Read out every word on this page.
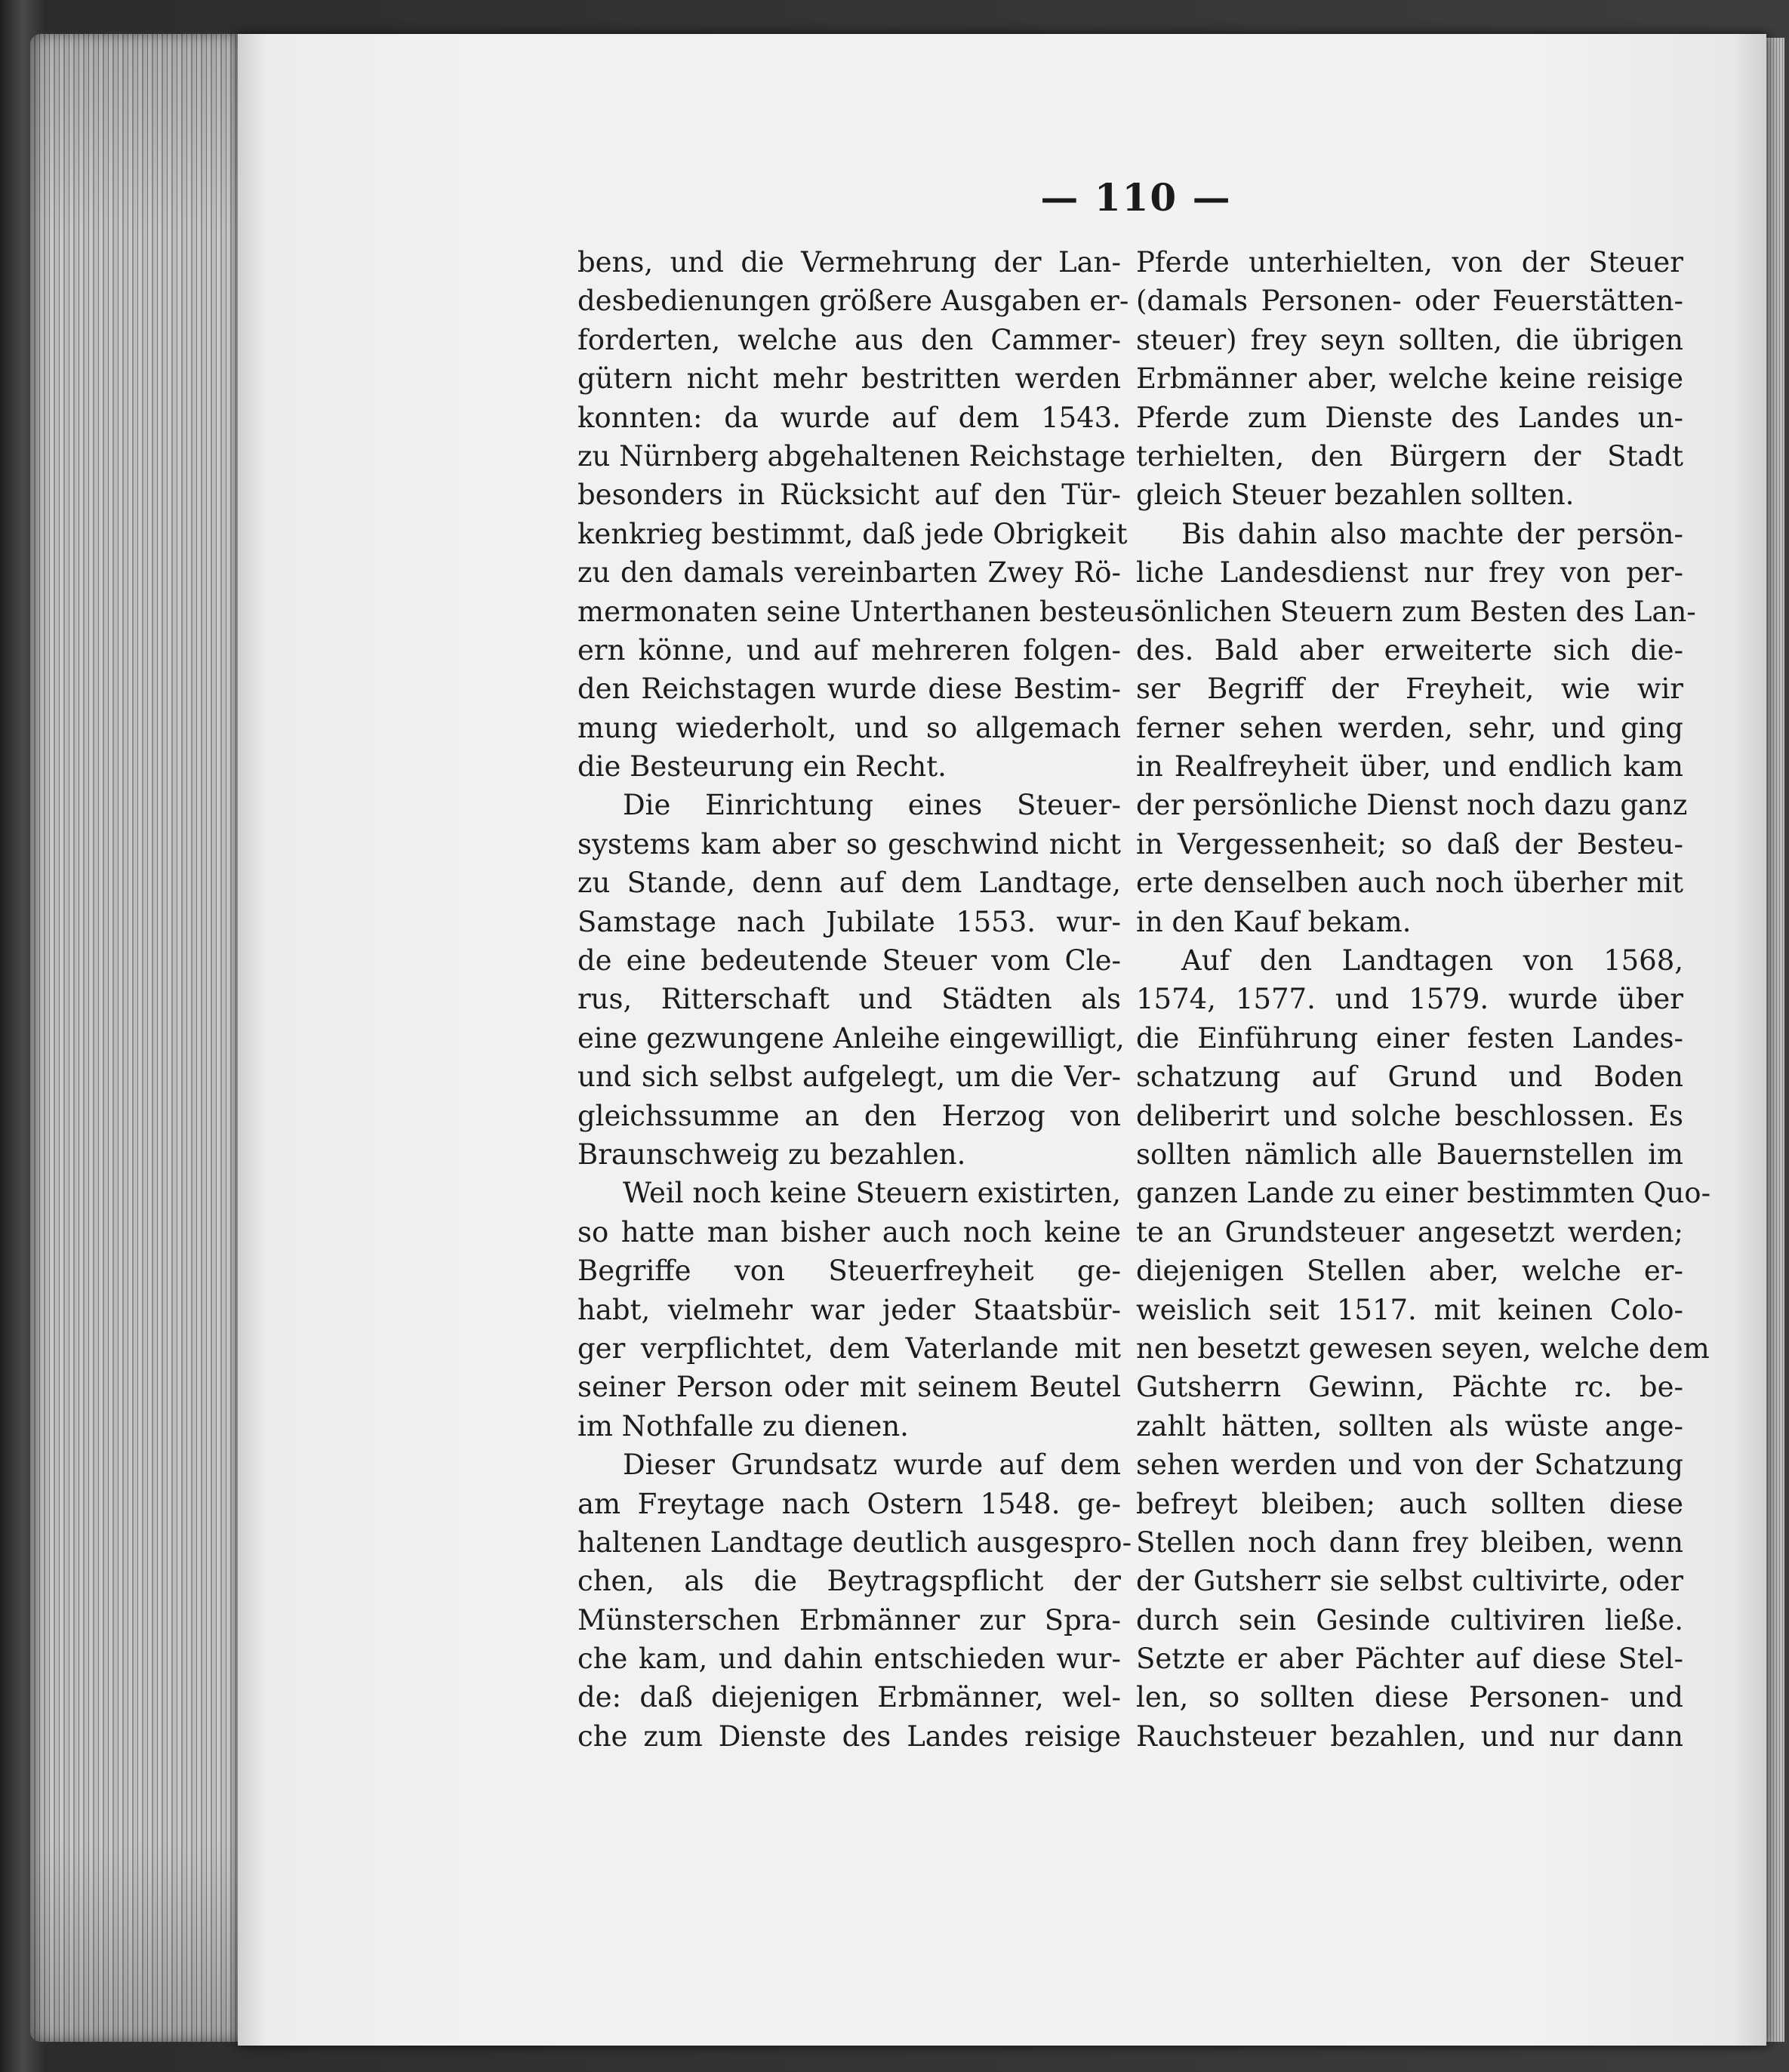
— 110 —
bens, und die Vermehrung der Lan-
desbedienungen größere Ausgaben er-
forderten, welche aus den Cammer-
gütern nicht mehr bestritten werden
konnten: da wurde auf dem 1543.
zu Nürnberg abgehaltenen Reichstage
besonders in Rücksicht auf den Tür-
kenkrieg bestimmt, daß jede Obrigkeit
zu den damals vereinbarten Zwey Rö-
mermonaten seine Unterthanen besteu-
ern könne, und auf mehreren folgen-
den Reichstagen wurde diese Bestim-
mung wiederholt, und so allgemach
die Besteurung ein Recht.
Die Einrichtung eines Steuer-
systems kam aber so geschwind nicht
zu Stande, denn auf dem Landtage,
Samstage nach Jubilate 1553. wur-
de eine bedeutende Steuer vom Cle-
rus, Ritterschaft und Städten als
eine gezwungene Anleihe eingewilligt,
und sich selbst aufgelegt, um die Ver-
gleichssumme an den Herzog von
Braunschweig zu bezahlen.
Weil noch keine Steuern existirten,
so hatte man bisher auch noch keine
Begriffe von Steuerfreyheit ge-
habt, vielmehr war jeder Staatsbür-
ger verpflichtet, dem Vaterlande mit
seiner Person oder mit seinem Beutel
im Nothfalle zu dienen.
Dieser Grundsatz wurde auf dem
am Freytage nach Ostern 1548. ge-
haltenen Landtage deutlich ausgespro-
chen, als die Beytragspflicht der
Münsterschen Erbmänner zur Spra-
che kam, und dahin entschieden wur-
de: daß diejenigen Erbmänner, wel-
che zum Dienste des Landes reisige
Pferde unterhielten, von der Steuer
(damals Personen- oder Feuerstätten-
steuer) frey seyn sollten, die übrigen
Erbmänner aber, welche keine reisige
Pferde zum Dienste des Landes un-
terhielten, den Bürgern der Stadt
gleich Steuer bezahlen sollten.
Bis dahin also machte der persön-
liche Landesdienst nur frey von per-
sönlichen Steuern zum Besten des Lan-
des. Bald aber erweiterte sich die-
ser Begriff der Freyheit, wie wir
ferner sehen werden, sehr, und ging
in Realfreyheit über, und endlich kam
der persönliche Dienst noch dazu ganz
in Vergessenheit; so daß der Besteu-
erte denselben auch noch überher mit
in den Kauf bekam.
Auf den Landtagen von 1568,
1574, 1577. und 1579. wurde über
die Einführung einer festen Landes-
schatzung auf Grund und Boden
deliberirt und solche beschlossen. Es
sollten nämlich alle Bauernstellen im
ganzen Lande zu einer bestimmten Quo-
te an Grundsteuer angesetzt werden;
diejenigen Stellen aber, welche er-
weislich seit 1517. mit keinen Colo-
nen besetzt gewesen seyen, welche dem
Gutsherrn Gewinn, Pächte rc. be-
zahlt hätten, sollten als wüste ange-
sehen werden und von der Schatzung
befreyt bleiben; auch sollten diese
Stellen noch dann frey bleiben, wenn
der Gutsherr sie selbst cultivirte, oder
durch sein Gesinde cultiviren ließe.
Setzte er aber Pächter auf diese Stel-
len, so sollten diese Personen- und
Rauchsteuer bezahlen, und nur dann
